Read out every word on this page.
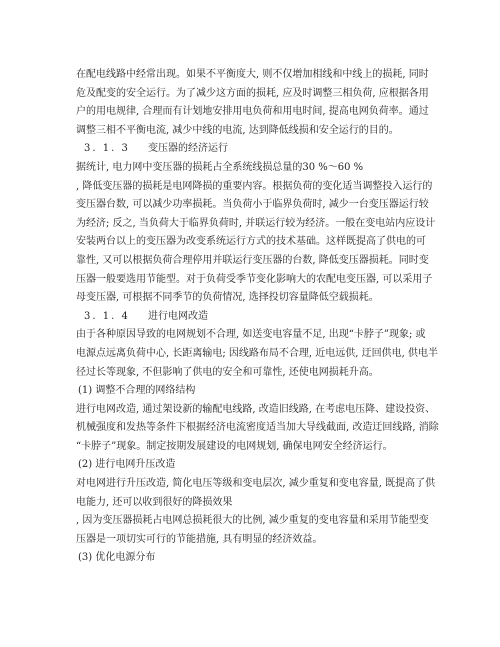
在配电线路中经常出现。如果不平衡度大, 则不仅增加相线和中线上的损耗, 同时
危及配变的安全运行。为了减少这方面的损耗, 应及时调整三相负荷, 应根据各用
户的用电规律, 合理而有计划地安排用电负荷和用电时间, 提高电网负荷率。通过
调整三相不平衡电流, 减少中线的电流, 达到降低线损和安全运行的目的。

3. 1. 3 变压器的经济运行

据统计, 电力网中变压器的损耗占全系统线损总量的30 %～60 %
, 降低变压器的损耗是电网降损的重要内容。根据负荷的变化适当调整投入运行的
变压器台数, 可以减少功率损耗。当负荷小于临界负荷时, 减少一台变压器运行较
为经济; 反之, 当负荷大于临界负荷时, 并联运行较为经济。一般在变电站内应设计
安装两台以上的变压器为改变系统运行方式的技术基础。这样既提高了供电的可
靠性, 又可以根据负荷合理停用并联运行变压器的台数, 降低变压器损耗。同时变
压器一般要选用节能型。对于负荷受季节变化影响大的农配电变压器, 可以采用子
母变压器, 可根据不同季节的负荷情况, 选择投切容量降低空载损耗。

3. 1. 4 进行电网改造

由于各种原因导致的电网规划不合理, 如送变电容量不足, 出现“卡脖子”现象; 或
电源点远离负荷中心, 长距离输电; 因线路布局不合理, 近电远供, 迂回供电, 供电半
径过长等现象, 不但影响了供电的安全和可靠性, 还使电网损耗升高。

(1) 调整不合理的网络结构

进行电网改造, 通过架设新的输配电线路, 改造旧线路, 在考虑电压降、建设投资、
机械强度和发热等条件下根据经济电流密度适当加大导线截面, 改造迂回线路, 消除
“卡脖子”现象。制定按期发展建设的电网规划, 确保电网安全经济运行。

(2) 进行电网升压改造

对电网进行升压改造, 简化电压等级和变电层次, 减少重复和变电容量, 既提高了供
电能力, 还可以收到很好的降损效果
, 因为变压器损耗占电网总损耗很大的比例, 减少重复的变电容量和采用节能型变
压器是一项切实可行的节能措施, 具有明显的经济效益。

(3) 优化电源分布
